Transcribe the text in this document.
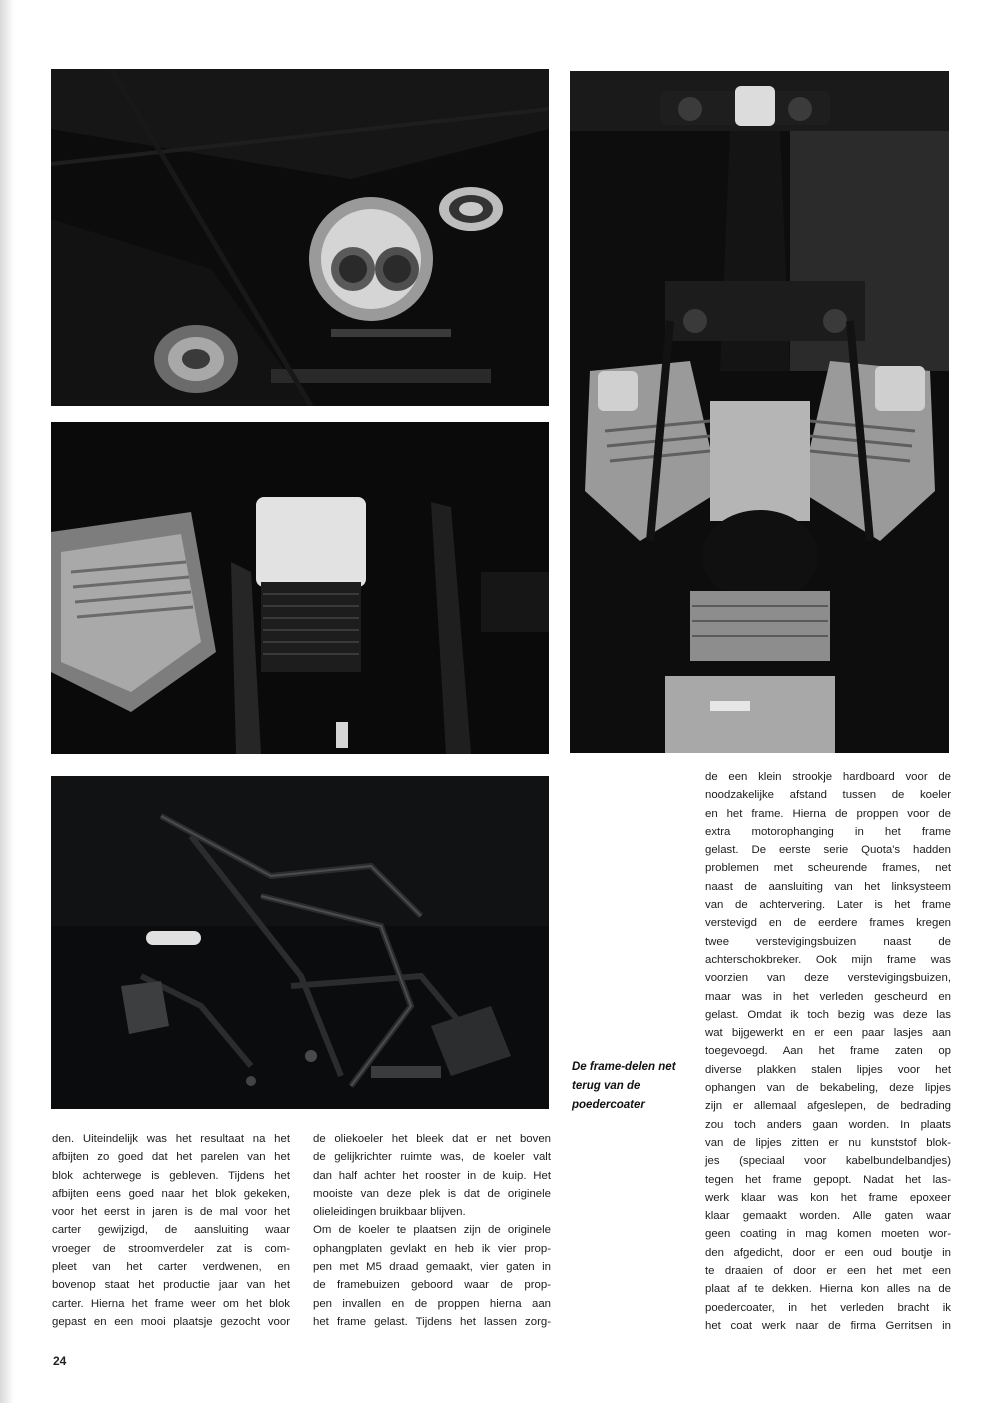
De frame-delen net
terug van de
poedercoater
den. Uiteindelijk was het resultaat na het
afbijten zo goed dat het parelen van het
blok achterwege is gebleven. Tijdens het
afbijten eens goed naar het blok gekeken,
voor het eerst in jaren is de mal voor het
carter gewijzigd, de aansluiting waar
vroeger de stroomverdeler zat is com-
pleet van het carter verdwenen, en
bovenop staat het productie jaar van het
carter. Hierna het frame weer om het blok
gepast en een mooi plaatsje gezocht voor
de oliekoeler het bleek dat er net boven
de gelijkrichter ruimte was, de koeler valt
dan half achter het rooster in de kuip. Het
mooiste van deze plek is dat de originele
olieleidingen bruikbaar blijven.
Om de koeler te plaatsen zijn de originele
ophangplaten gevlakt en heb ik vier prop-
pen met M5 draad gemaakt, vier gaten in
de framebuizen geboord waar de prop-
pen invallen en de proppen hierna aan
het frame gelast. Tijdens het lassen zorg-
de een klein strookje hardboard voor de
noodzakelijke afstand tussen de koeler
en het frame. Hierna de proppen voor de
extra motorophanging in het frame
gelast. De eerste serie Quota's hadden
problemen met scheurende frames, net
naast de aansluiting van het linksysteem
van de achtervering. Later is het frame
verstevigd en de eerdere frames kregen
twee verstevigingsbuizen naast de
achterschokbreker. Ook mijn frame was
voorzien van deze verstevigingsbuizen,
maar was in het verleden gescheurd en
gelast. Omdat ik toch bezig was deze las
wat bijgewerkt en er een paar lasjes aan
toegevoegd. Aan het frame zaten op
diverse plakken stalen lipjes voor het
ophangen van de bekabeling, deze lipjes
zijn er allemaal afgeslepen, de bedrading
zou toch anders gaan worden. In plaats
van de lipjes zitten er nu kunststof blok-
jes (speciaal voor kabelbundelbandjes)
tegen het frame gepopt. Nadat het las-
werk klaar was kon het frame epoxeer
klaar gemaakt worden. Alle gaten waar
geen coating in mag komen moeten wor-
den afgedicht, door er een oud boutje in
te draaien of door er een het met een
plaat af te dekken. Hierna kon alles na de
poedercoater, in het verleden bracht ik
het coat werk naar de firma Gerritsen in
24
